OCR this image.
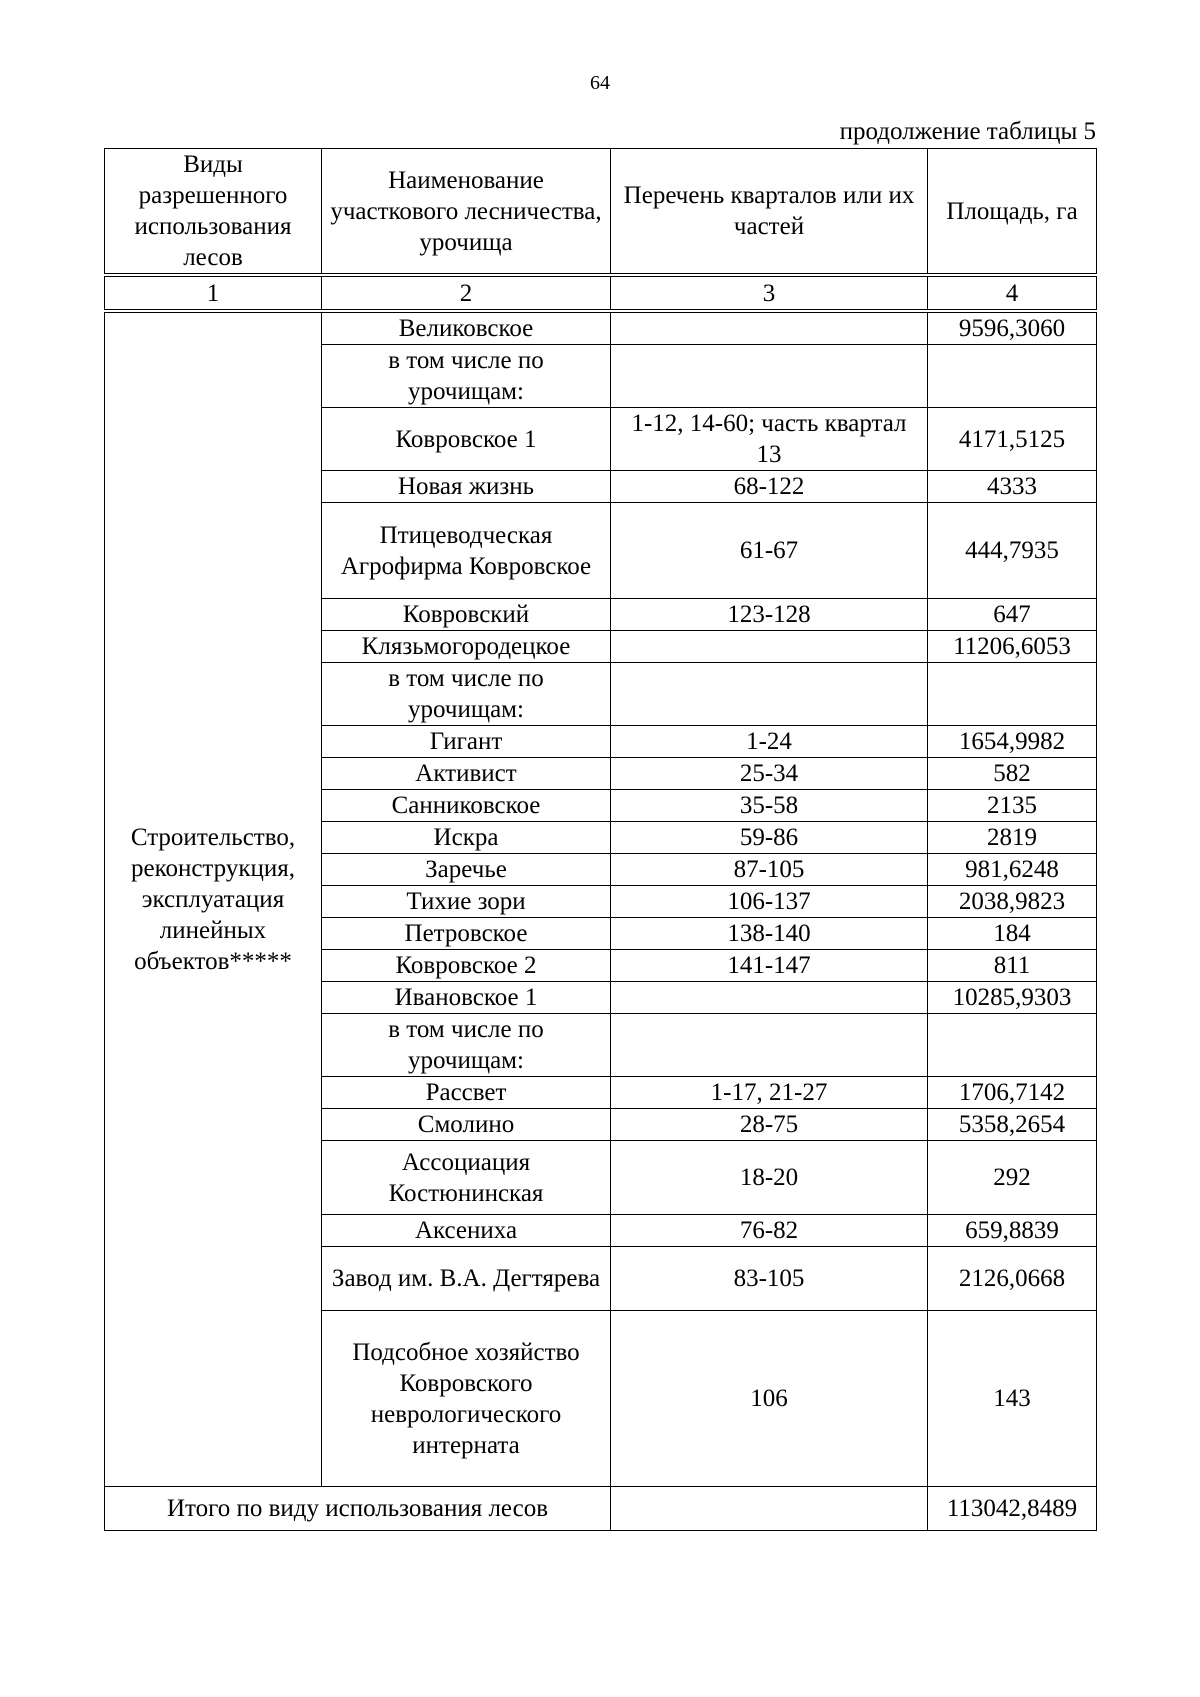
64
продолжение таблицы 5
Виды разрешенного использования лесов	Наименование участкового лесничества, урочища	Перечень кварталов или их частей	Площадь, га
1	2	3	4
Строительство, реконструкция, эксплуатация линейных объектов*****	Великовское		9596,3060
	в том числе по урочищам:		
	Ковровское 1	1-12, 14-60; часть квартал 13	4171,5125
	Новая жизнь	68-122	4333
	Птицеводческая Агрофирма Ковровское	61-67	444,7935
	Ковровский	123-128	647
	Клязьмогородецкое		11206,6053
	в том числе по урочищам:		
	Гигант	1-24	1654,9982
	Активист	25-34	582
	Санниковское	35-58	2135
	Искра	59-86	2819
	Заречье	87-105	981,6248
	Тихие зори	106-137	2038,9823
	Петровское	138-140	184
	Ковровское 2	141-147	811
	Ивановское 1		10285,9303
	в том числе по урочищам:		
	Рассвет	1-17, 21-27	1706,7142
	Смолино	28-75	5358,2654
	Ассоциация Костюнинская	18-20	292
	Аксениха	76-82	659,8839
	Завод им. В.А. Дегтярева	83-105	2126,0668
	Подсобное хозяйство Ковровского неврологического интерната	106	143
Итого по виду использования лесов			113042,8489
